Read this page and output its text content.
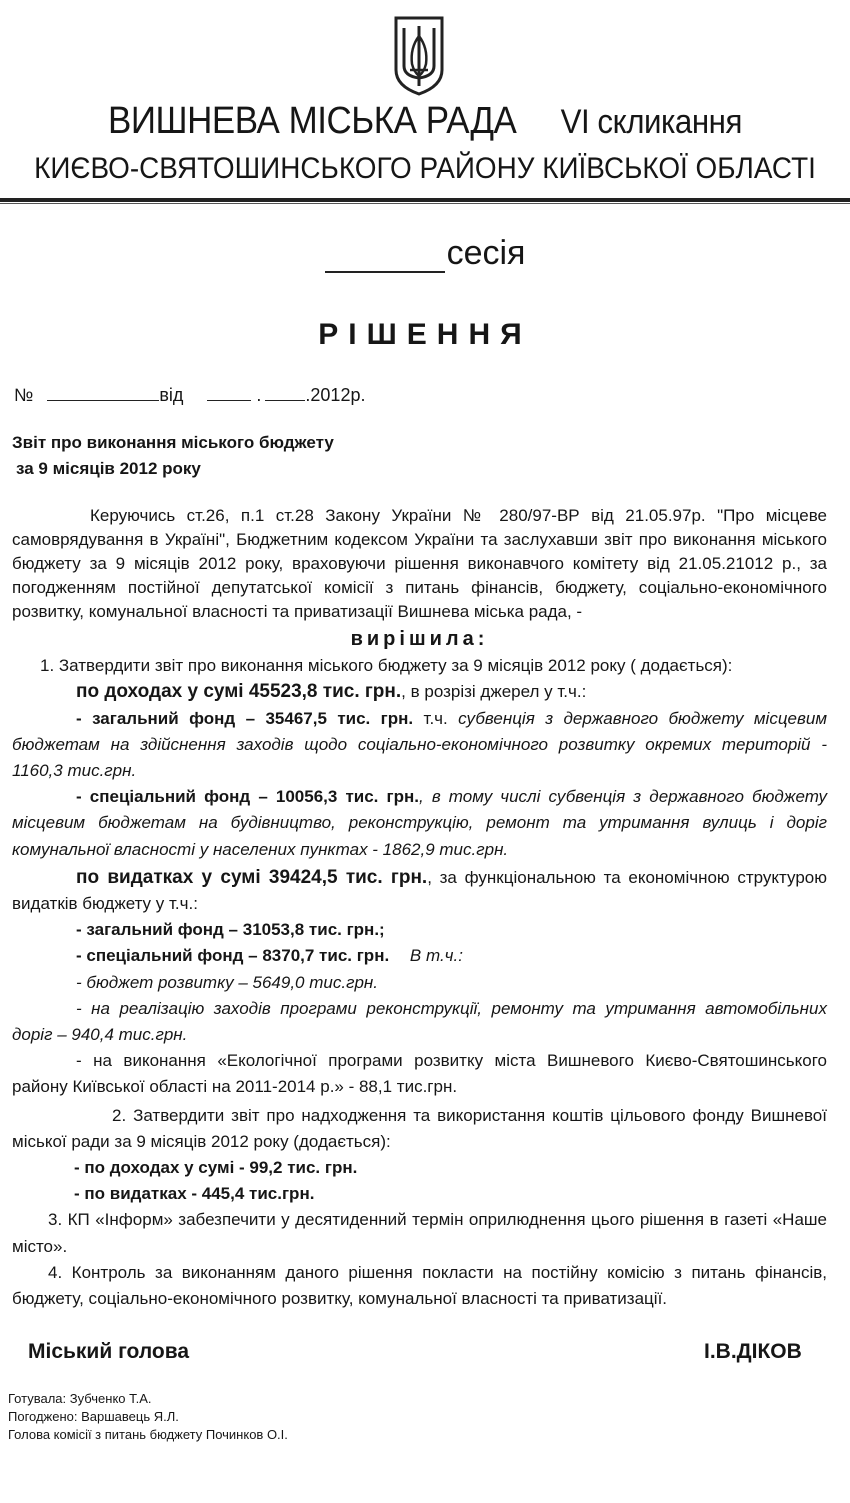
ВИШНЕВА МІСЬКА РАДА VI скликання
КИЄВО-СВЯТОШИНСЬКОГО РАЙОНУ КИЇВСЬКОЇ ОБЛАСТІ
сесія
РІШЕННЯ
№	від	. .2012р.
Звіт про виконання міського бюджету
за 9 місяців 2012 року

Керуючись ст.26, п.1 ст.28 Закону України № 280/97-ВР від 21.05.97р. "Про місцеве самоврядування в Україні", Бюджетним кодексом України та заслухавши звіт про виконання міського бюджету за 9 місяців 2012 року, враховуючи рішення виконавчого комітету від 21.05.21012 р., за погодженням постійної депутатської комісії з питань фінансів, бюджету, соціально-економічного розвитку, комунальної власності та приватизації Вишнева міська рада, -

вирішила:
1. Затвердити звіт про виконання міського бюджету за 9 місяців 2012 року ( додається):
по доходах у сумі 45523,8 тис. грн., в розрізі джерел у т.ч.:
- загальний фонд – 35467,5 тис. грн. т.ч. субвенція з державного бюджету місцевим бюджетам на здійснення заходів щодо соціально-економічного розвитку окремих територій - 1160,3 тис.грн.
- спеціальний фонд – 10056,3 тис. грн., в тому числі субвенція з державного бюджету місцевим бюджетам на будівництво, реконструкцію, ремонт та утримання вулиць і доріг комунальної власності у населених пунктах - 1862,9 тис.грн.
по видатках у сумі 39424,5 тис. грн., за функціональною та економічною структурою видатків бюджету у т.ч.:
- загальний фонд – 31053,8 тис. грн.;
- спеціальний фонд – 8370,7 тис. грн. В т.ч.:
- бюджет розвитку – 5649,0 тис.грн.
- на реалізацію заходів програми реконструкції, ремонту та утримання автомобільних доріг – 940,4 тис.грн.
- на виконання «Екологічної програми розвитку міста Вишневого Києво-Святошинського району Київської області на 2011-2014 р.» - 88,1 тис.грн.
2. Затвердити звіт про надходження та використання коштів цільового фонду Вишневої міської ради за 9 місяців 2012 року (додається):
- по доходах у сумі - 99,2 тис. грн.
- по видатках - 445,4 тис.грн.
3. КП «Інформ» забезпечити у десятиденний термін оприлюднення цього рішення в газеті «Наше місто».
4. Контроль за виконанням даного рішення покласти на постійну комісію з питань фінансів, бюджету, соціально-економічного розвитку, комунальної власності та приватизації.
Міський голова	І.В.ДІКОВ
Готувала: Зубченко Т.А.
Погоджено: Варшавець Я.Л.
Голова комісії з питань бюджету Починков О.І.
